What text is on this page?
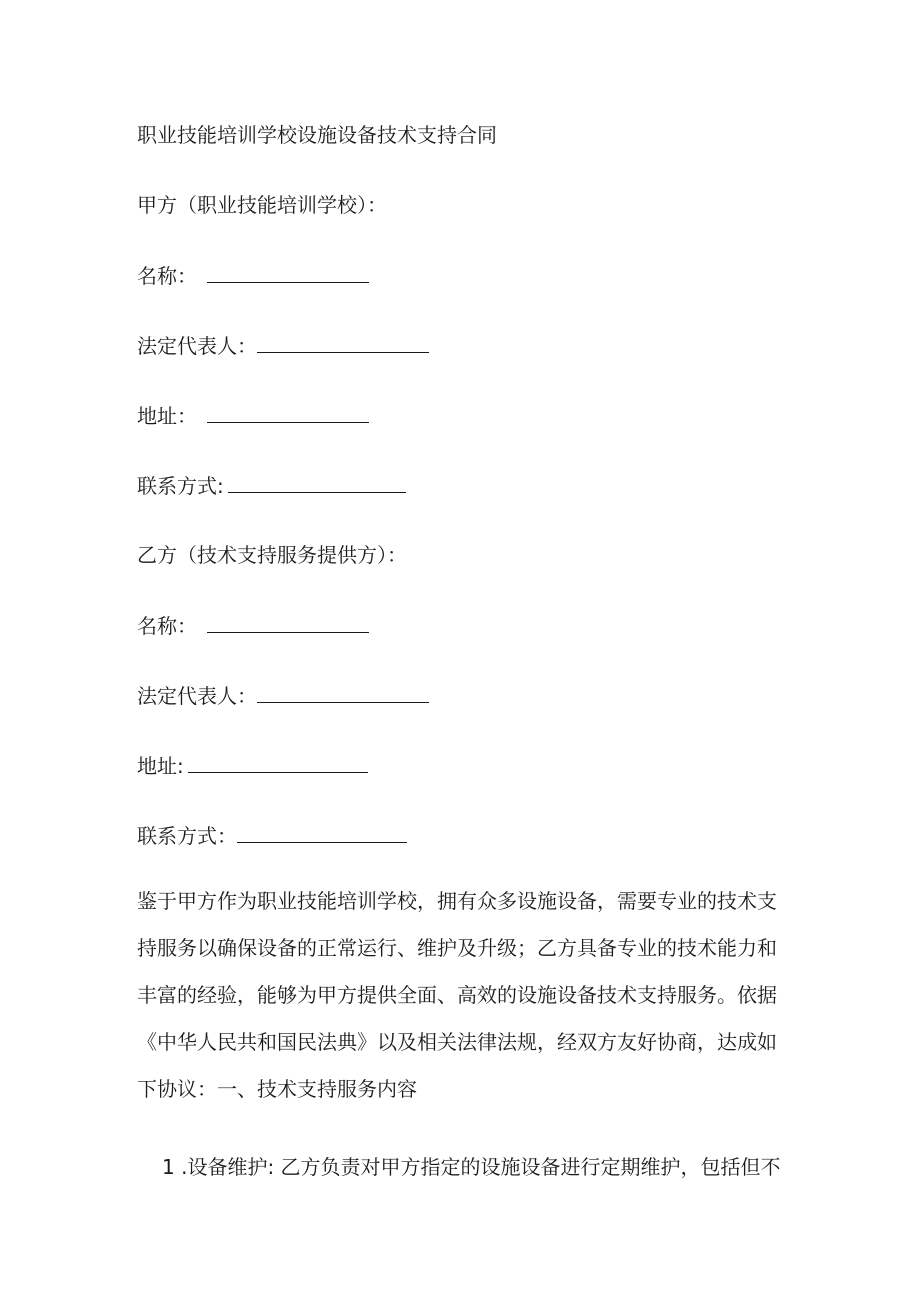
职业技能培训学校设施设备技术支持合同
甲方（职业技能培训学校）：
名称：
法定代表人：
地址：
联系方式:
乙方（技术支持服务提供方）：
名称：
法定代表人：
地址:
联系方式：
鉴于甲方作为职业技能培训学校，拥有众多设施设备，需要专业的技术支
持服务以确保设备的正常运行、维护及升级；乙方具备专业的技术能力和
丰富的经验，能够为甲方提供全面、高效的设施设备技术支持服务。依据
《中华人民共和国民法典》以及相关法律法规，经双方友好协商，达成如
下协议：一、技术支持服务内容
1 .设备维护: 乙方负责对甲方指定的设施设备进行定期维护，包括但不
